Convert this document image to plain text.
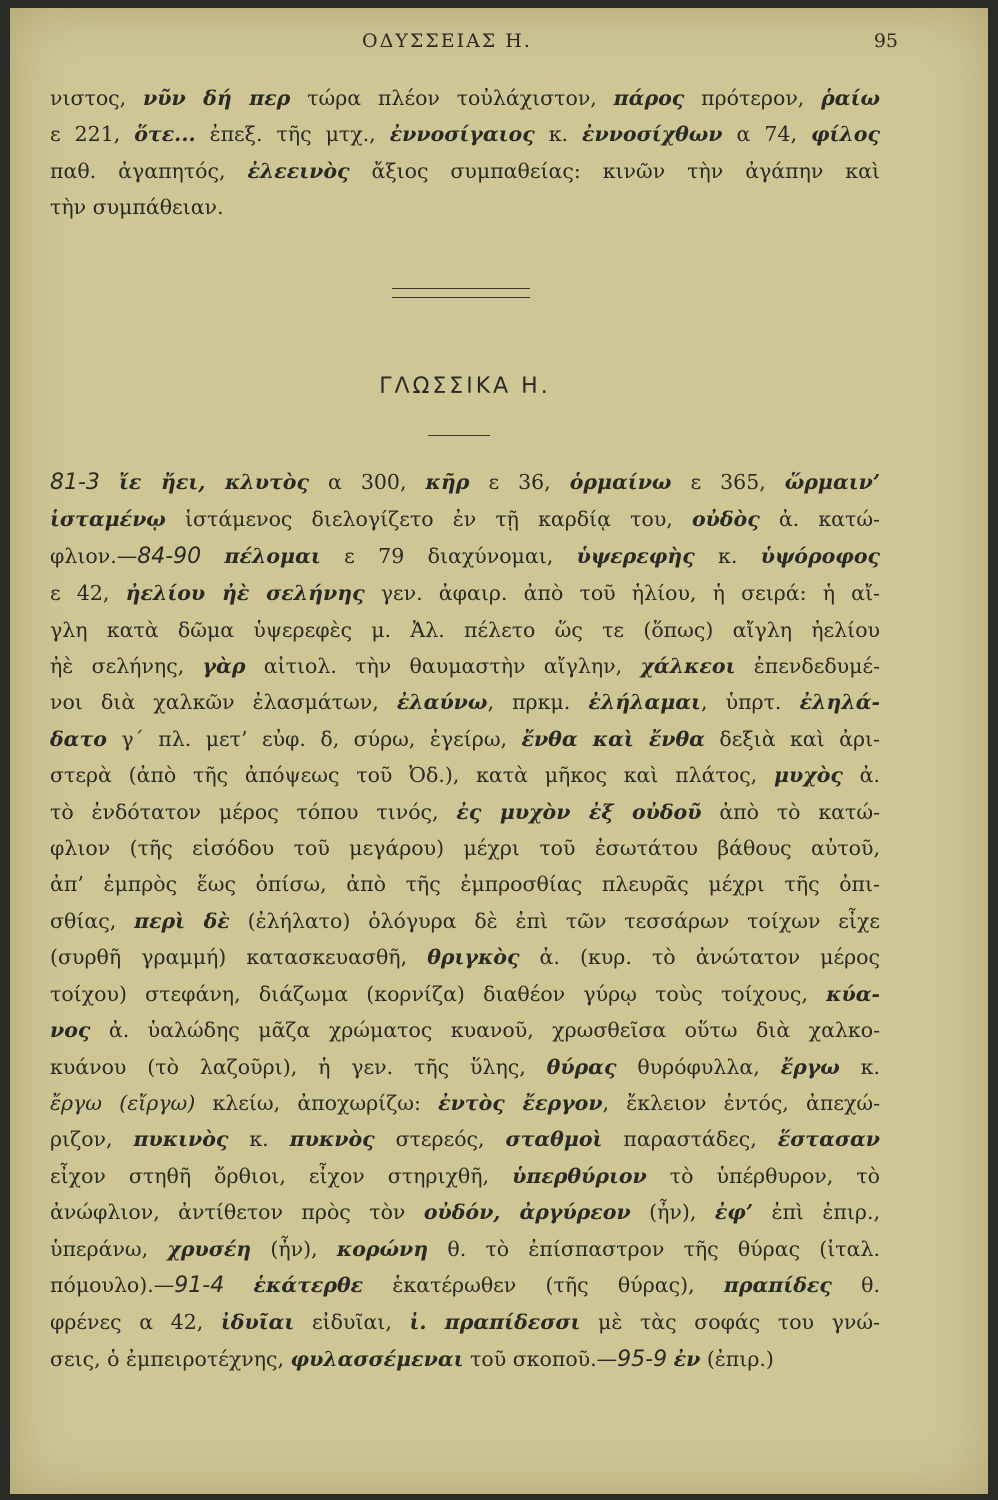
ΟΔΥΣΣΕΙΑΣ Η.	95
νιστος, νῦν δή περ τώρα πλέον τοὐλάχιστον, πάρος πρότερον, ῥαίω
ε 221, ὅτε... ἐπεξ. τῆς μτχ., ἐννοσίγαιος κ. ἐννοσίχθων α 74, φίλος
παθ. ἀγαπητός, ἐλεεινὸς ἄξιος συμπαθείας: κινῶν τὴν ἀγάπην καὶ
τὴν συμπάθειαν.
ΓΛΩΣΣΙΚΑ Η.
81-3 ἴε ἤει, κλυτὸς α 300, κῆρ ε 36, ὁρμαίνω ε 365, ὥρμαιν’
ἱσταμένῳ ἱστάμενος διελογίζετο ἐν τῇ καρδίᾳ του, οὐδὸς ἀ. κατώ-
φλιον.—84-90 πέλομαι ε 79 διαχύνομαι, ὑψερεφὴς κ. ὑψόροφος
ε 42, ἠελίου ἠὲ σελήνης γεν. ἀφαιρ. ἀπὸ τοῦ ἡλίου, ἡ σειρά: ἡ αἴ-
γλη κατὰ δῶμα ὑψερεφὲς μ. Ἀλ. πέλετο ὥς τε (ὅπως) αἴγλη ἠελίου
ἠὲ σελήνης, γὰρ αἰτιολ. τὴν θαυμαστὴν αἴγλην, χάλκεοι ἐπενδεδυμέ-
νοι διὰ χαλκῶν ἐλασμάτων, ἐλαύνω, πρκμ. ἐλήλαμαι, ὑπρτ. ἐληλά-
δατο γ΄ πλ. μετ’ εὐφ. δ, σύρω, ἐγείρω, ἔνθα καὶ ἔνθα δεξιὰ καὶ ἀρι-
στερὰ (ἀπὸ τῆς ἀπόψεως τοῦ Ὀδ.), κατὰ μῆκος καὶ πλάτος, μυχὸς ἀ.
τὸ ἐνδότατον μέρος τόπου τινός, ἐς μυχὸν ἐξ οὐδοῦ ἀπὸ τὸ κατώ-
φλιον (τῆς εἰσόδου τοῦ μεγάρου) μέχρι τοῦ ἐσωτάτου βάθους αὐτοῦ,
ἀπ’ ἐμπρὸς ἕως ὀπίσω, ἀπὸ τῆς ἐμπροσθίας πλευρᾶς μέχρι τῆς ὀπι-
σθίας, περὶ δὲ (ἐλήλατο) ὁλόγυρα δὲ ἐπὶ τῶν τεσσάρων τοίχων εἶχε
(συρθῆ γραμμή) κατασκευασθῆ, θριγκὸς ἀ. (κυρ. τὸ ἀνώτατον μέρος
τοίχου) στεφάνη, διάζωμα (κορνίζα) διαθέον γύρῳ τοὺς τοίχους, κύα-
νος ἀ. ὑαλώδης μᾶζα χρώματος κυανοῦ, χρωσθεῖσα οὕτω διὰ χαλκο-
κυάνου (τὸ λαζοῦρι), ἡ γεν. τῆς ὕλης, θύρας θυρόφυλλα, ἔργω κ.
ἔργω (εἴργω) κλείω, ἀποχωρίζω: ἐντὸς ἔεργον, ἔκλειον ἐντός, ἀπεχώ-
ριζον, πυκινὸς κ. πυκνὸς στερεός, σταθμοὶ παραστάδες, ἕστασαν
εἶχον στηθῆ ὄρθιοι, εἶχον στηριχθῆ, ὑπερθύριον τὸ ὑπέρθυρον, τὸ
ἀνώφλιον, ἀντίθετον πρὸς τὸν οὐδόν, ἀργύρεον (ἦν), ἐφ’ ἐπὶ ἐπιρ.,
ὑπεράνω, χρυσέη (ἦν), κορώνη θ. τὸ ἐπίσπαστρον τῆς θύρας (ἰταλ.
πόμουλο).—91-4 ἑκάτερθε ἑκατέρωθεν (τῆς θύρας), πραπίδες θ.
φρένες α 42, ἰδυῖαι εἰδυῖαι, ἰ. πραπίδεσσι μὲ τὰς σοφάς του γνώ-
σεις, ὁ ἐμπειροτέχνης, φυλασσέμεναι τοῦ σκοποῦ.—95-9 ἐν (ἐπιρ.)
